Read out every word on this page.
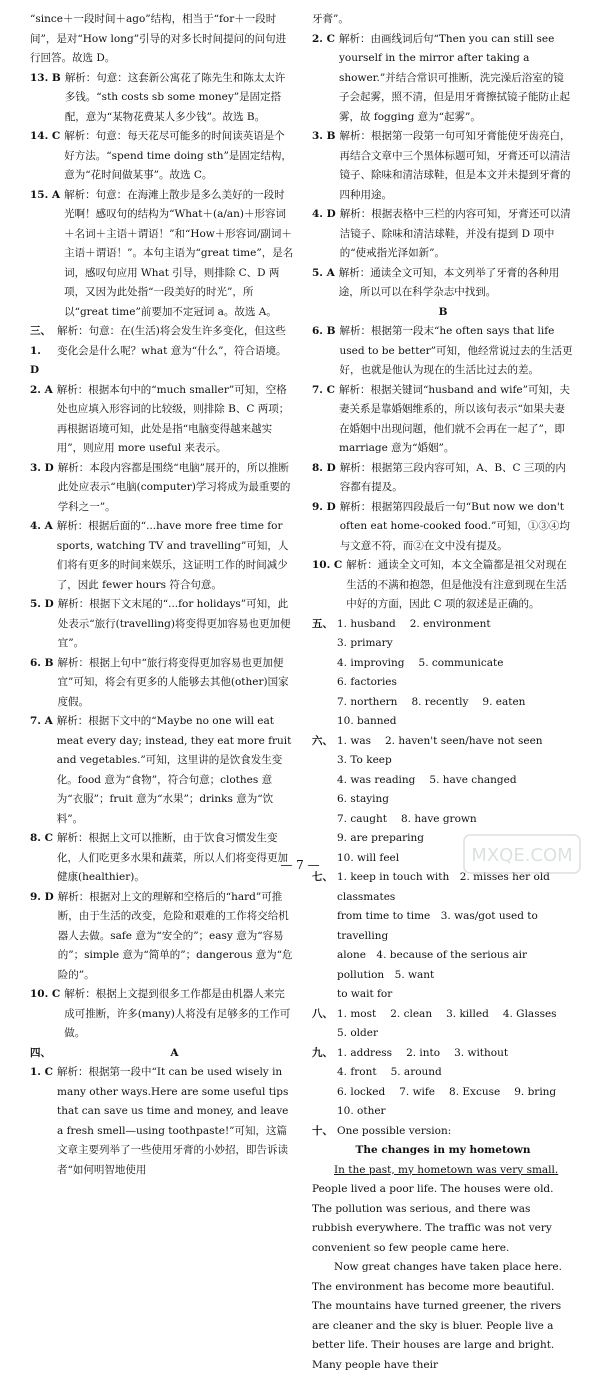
“since＋一段时间＋ago”结构，相当于“for＋一段时间”，是对“How long”引导的对多长时间提问的问句进行回答。故选 D。
13. B 解析：句意：这套新公寓花了陈先生和陈太太许多钱。“sth costs sb some money”是固定搭配，意为“某物花费某人多少钱”。故选 B。
14. C 解析：句意：每天花尽可能多的时间读英语是个好方法。“spend time doing sth”是固定结构，意为“花时间做某事”。故选 C。
15. A 解析：句意：在海滩上散步是多么美好的一段时光啊！感叹句的结构为“What＋(a/an)＋形容词＋名词＋主语＋谓语！”和“How＋形容词/副词＋主语＋谓语！”。本句主语为“great time”，是名词，感叹句应用 What 引导，则排除 C、D 两项，又因为此处指“一段美好的时光”，所以“great time”前要加不定冠词 a。故选 A。
三、1. D
解析：句意：在(生活)将会发生许多变化，但这些变化会是什么呢？what 意为“什么”，符合语境。
2. A 解析：根据本句中的“much smaller”可知，空格处也应填入形容词的比较级，则排除 B、C 两项；再根据语境可知，此处是指“电脑变得越来越实用”，则应用 more useful 来表示。
3. D 解析：本段内容都是围绕“电脑”展开的，所以推断此处应表示“电脑(computer)学习将成为最重要的学科之一”。
4. A 解析：根据后面的“...have more free time for sports, watching TV and travelling”可知，人们将有更多的时间来娱乐，这证明工作的时间减少了，因此 fewer hours 符合句意。
5. D 解析：根据下文末尾的“...for holidays”可知，此处表示“旅行(travelling)将变得更加容易也更加便宜”。
6. B 解析：根据上句中“旅行将变得更加容易也更加便宜”可知，将会有更多的人能够去其他(other)国家度假。
7. A 解析：根据下文中的“Maybe no one will eat meat every day; instead, they eat more fruit and vegetables.”可知，这里讲的是饮食发生变化。food 意为“食物”，符合句意；clothes 意为“衣服”；fruit 意为“水果”；drinks 意为“饮料”。
8. C 解析：根据上文可以推断，由于饮食习惯发生变化，人们吃更多水果和蔬菜，所以人们将变得更加健康(healthier)。
9. D 解析：根据对上文的理解和空格后的“hard”可推断，由于生活的改变，危险和艰难的工作将交给机器人去做。safe 意为“安全的”；easy 意为“容易的”；simple 意为“简单的”；dangerous 意为“危险的”。
10. C 解析：根据上文提到很多工作都是由机器人来完成可推断，许多(many)人将没有足够多的工作可做。
四、	A
1. C 解析：根据第一段中“It can be used wisely in many other ways.Here are some useful tips that can save us time and money, and leave a fresh smell—using toothpaste!”可知，这篇文章主要列举了一些使用牙膏的小妙招，即告诉读者“如何明智地使用
牙膏”。
2. C 解析：由画线词后句“Then you can still see yourself in the mirror after taking a shower.”并结合常识可推断，洗完澡后浴室的镜子会起雾，照不清，但是用牙膏擦拭镜子能防止起雾，故 fogging 意为“起雾”。
3. B 解析：根据第一段第一句可知牙膏能使牙齿亮白，再结合文章中三个黑体标题可知，牙膏还可以清洁镜子、除味和清洁球鞋，但是本文并未提到牙膏的四种用途。
4. D 解析：根据表格中三栏的内容可知，牙膏还可以清洁镜子、除味和清洁球鞋，并没有提到 D 项中的“使戒指光泽如新”。
5. A 解析：通读全文可知，本文列举了牙膏的各种用途，所以可以在科学杂志中找到。
B
6. B 解析：根据第一段末“he often says that life used to be better”可知，他经常说过去的生活更好，也就是他认为现在的生活比过去的差。
7. C 解析：根据关键词“husband and wife”可知，夫妻关系是靠婚姻维系的，所以该句表示“如果夫妻在婚姻中出现问题，他们就不会再在一起了”，即 marriage 意为“婚姻”。
8. D 解析：根据第三段内容可知，A、B、C 三项的内容都有提及。
9. D 解析：根据第四段最后一句“But now we don't often eat home-cooked food.”可知，①③④均与文意不符，而②在文中没有提及。
10. C 解析：通读全文可知，本文全篇都是祖父对现在生活的不满和抱怨，但是他没有注意到现在生活中好的方面，因此 C 项的叙述是正确的。
五、 1. husband 2. environment
3. primary
4. improving 5. communicate
6. factories
7. northern 8. recently 9. eaten
10. banned
六、 1. was 2. haven't seen/have not seen
3. To keep
4. was reading 5. have changed
6. staying
7. caught 8. have grown
9. are preparing
10. will feel
七、 1. keep in touch with　2. misses her old classmates
from time to time　3. was/got used to travelling
alone　4. because of the serious air pollution　5. want
to wait for
八、 1. most 2. clean 3. killed 4. Glasses
5. older
九、 1. address 2. into 3. without
4. front 5. around
6. locked 7. wife 8. Excuse 9. bring
10. other
十、 One possible version:
The changes in my hometown
In the past, my hometown was very small. People lived a poor life. The houses were old. The pollution was serious, and there was rubbish everywhere. The traffic was not very convenient so few people came here.
Now great changes have taken place here. The environment has become more beautiful. The mountains have turned greener, the rivers are cleaner and the sky is bluer. People live a better life. Their houses are large and bright. Many people have their
— 7 —	MXQE.COM
